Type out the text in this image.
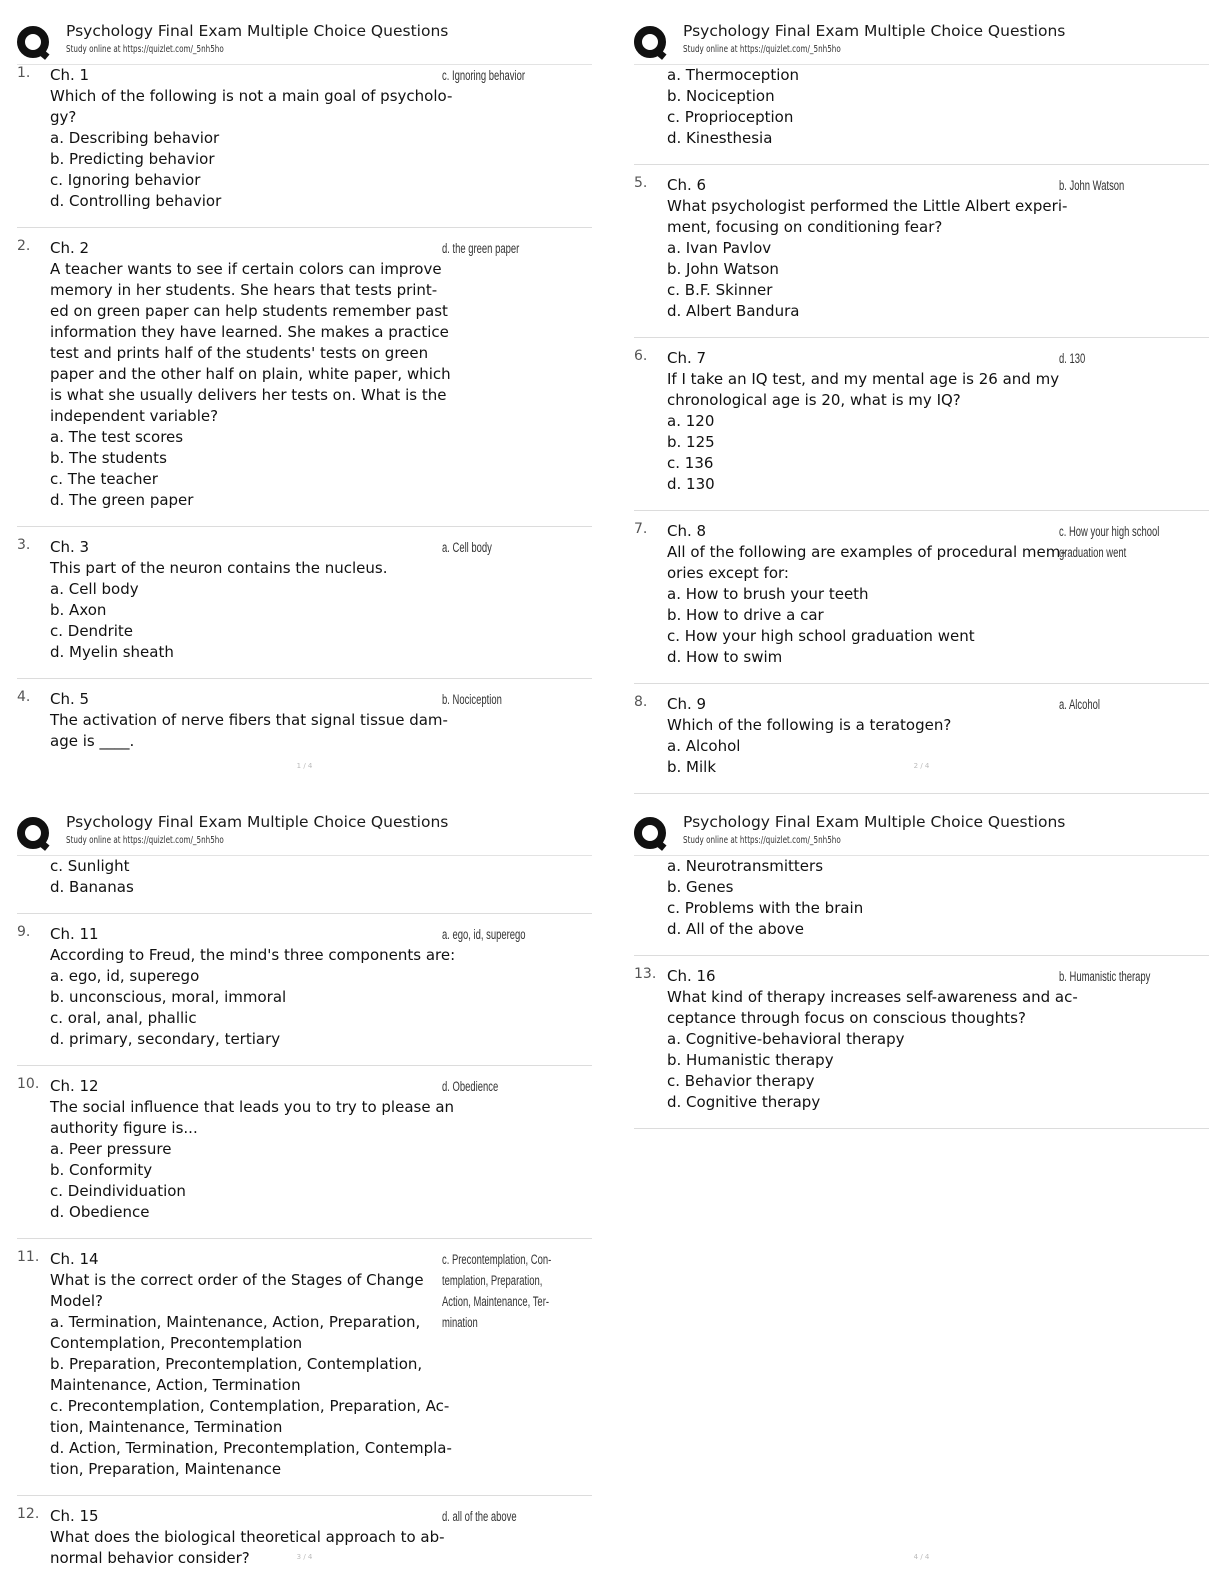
Psychology Final Exam Multiple Choice Questions
Study online at https://quizlet.com/_5nh5ho
1. Ch. 1
Which of the following is not a main goal of psycholo-
gy?
a. Describing behavior
b. Predicting behavior
c. Ignoring behavior
d. Controlling behavior
c. Ignoring behavior
2. Ch. 2
A teacher wants to see if certain colors can improve
memory in her students. She hears that tests print-
ed on green paper can help students remember past
information they have learned. She makes a practice
test and prints half of the students' tests on green
paper and the other half on plain, white paper, which
is what she usually delivers her tests on. What is the
independent variable?
a. The test scores
b. The students
c. The teacher
d. The green paper
d. the green paper
3. Ch. 3
This part of the neuron contains the nucleus.
a. Cell body
b. Axon
c. Dendrite
d. Myelin sheath
a. Cell body
4. Ch. 5
The activation of nerve fibers that signal tissue dam-
age is ____.
b. Nociception
1 / 4
Psychology Final Exam Multiple Choice Questions
Study online at https://quizlet.com/_5nh5ho
a. Thermoception
b. Nociception
c. Proprioception
d. Kinesthesia
5. Ch. 6
What psychologist performed the Little Albert experi-
ment, focusing on conditioning fear?
a. Ivan Pavlov
b. John Watson
c. B.F. Skinner
d. Albert Bandura
b. John Watson
6. Ch. 7
If I take an IQ test, and my mental age is 26 and my
chronological age is 20, what is my IQ?
a. 120
b. 125
c. 136
d. 130
d. 130
7. Ch. 8
All of the following are examples of procedural mem-
ories except for:
a. How to brush your teeth
b. How to drive a car
c. How your high school graduation went
d. How to swim
c. How your high school
graduation went
8. Ch. 9
Which of the following is a teratogen?
a. Alcohol
b. Milk
a. Alcohol
2 / 4
Psychology Final Exam Multiple Choice Questions
Study online at https://quizlet.com/_5nh5ho
c. Sunlight
d. Bananas
9. Ch. 11
According to Freud, the mind's three components are:
a. ego, id, superego
b. unconscious, moral, immoral
c. oral, anal, phallic
d. primary, secondary, tertiary
a. ego, id, superego
10. Ch. 12
The social influence that leads you to try to please an
authority figure is...
a. Peer pressure
b. Conformity
c. Deindividuation
d. Obedience
d. Obedience
11. Ch. 14
What is the correct order of the Stages of Change
Model?
a. Termination, Maintenance, Action, Preparation,
Contemplation, Precontemplation
b. Preparation, Precontemplation, Contemplation,
Maintenance, Action, Termination
c. Precontemplation, Contemplation, Preparation, Ac-
tion, Maintenance, Termination
d. Action, Termination, Precontemplation, Contempla-
tion, Preparation, Maintenance
c. Precontemplation, Con-
templation, Preparation,
Action, Maintenance, Ter-
mination
12. Ch. 15
What does the biological theoretical approach to ab-
normal behavior consider?
d. all of the above
3 / 4
Psychology Final Exam Multiple Choice Questions
Study online at https://quizlet.com/_5nh5ho
a. Neurotransmitters
b. Genes
c. Problems with the brain
d. All of the above
13. Ch. 16
What kind of therapy increases self-awareness and ac-
ceptance through focus on conscious thoughts?
a. Cognitive-behavioral therapy
b. Humanistic therapy
c. Behavior therapy
d. Cognitive therapy
b. Humanistic therapy
4 / 4
